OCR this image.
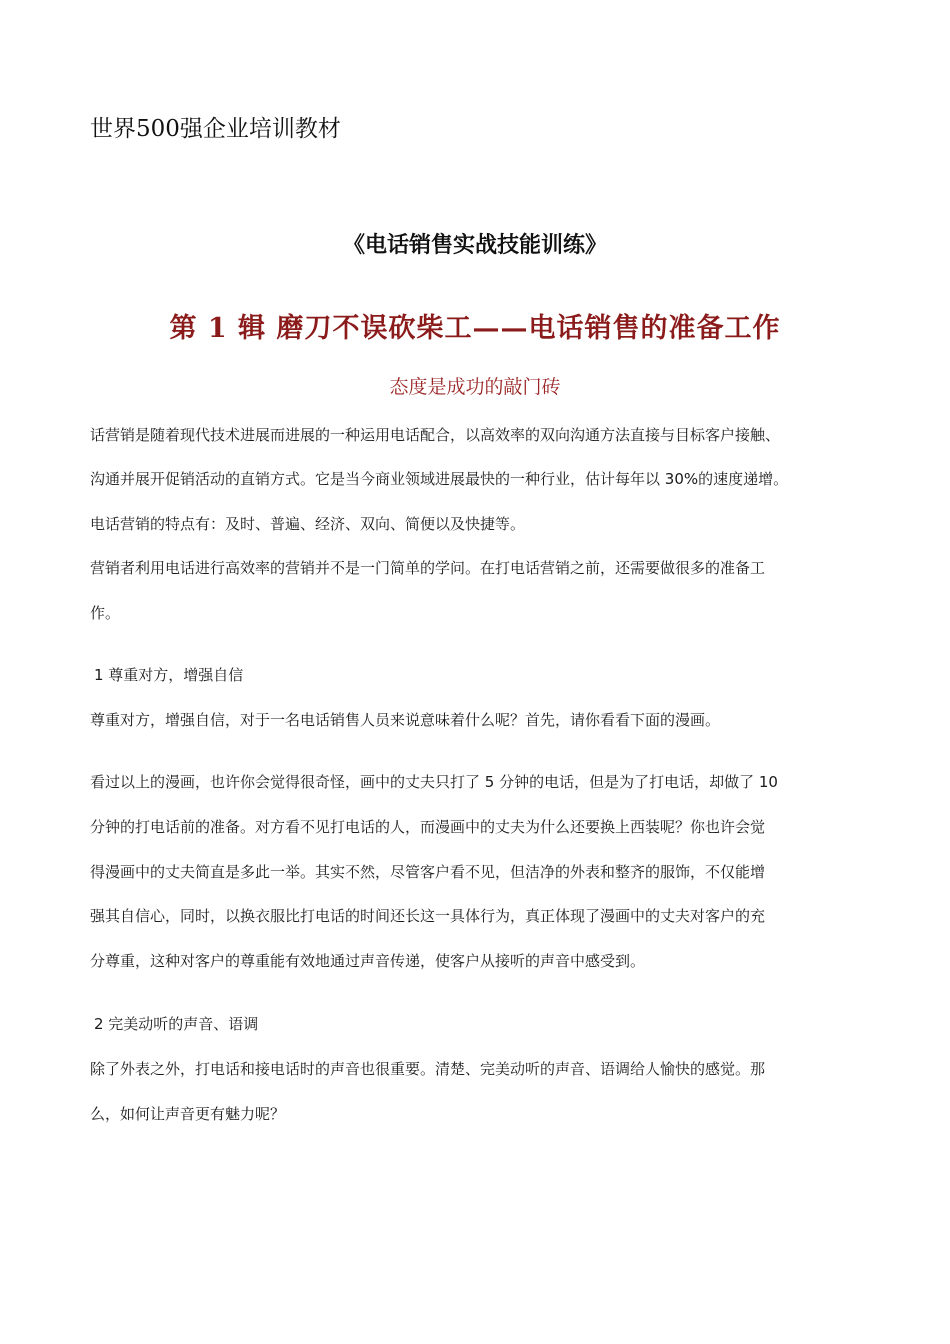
世界500强企业培训教材
《电话销售实战技能训练》
第 1 辑 磨刀不误砍柴工——电话销售的准备工作
态度是成功的敲门砖
话营销是随着现代技术进展而进展的一种运用电话配合，以高效率的双向沟通方法直接与目标客户接触、
沟通并展开促销活动的直销方式。它是当今商业领域进展最快的一种行业，估计每年以 30%的速度递增。
电话营销的特点有：及时、普遍、经济、双向、简便以及快捷等。
营销者利用电话进行高效率的营销并不是一门简单的学问。在打电话营销之前，还需要做很多的准备工
作。
1 尊重对方，增强自信
尊重对方，增强自信，对于一名电话销售人员来说意味着什么呢？首先，请你看看下面的漫画。
看过以上的漫画，也许你会觉得很奇怪，画中的丈夫只打了 5 分钟的电话，但是为了打电话，却做了 10
分钟的打电话前的准备。对方看不见打电话的人，而漫画中的丈夫为什么还要换上西装呢？你也许会觉
得漫画中的丈夫简直是多此一举。其实不然，尽管客户看不见，但洁净的外表和整齐的服饰，不仅能增
强其自信心，同时，以换衣服比打电话的时间还长这一具体行为，真正体现了漫画中的丈夫对客户的充
分尊重，这种对客户的尊重能有效地通过声音传递，使客户从接听的声音中感受到。
2 完美动听的声音、语调
除了外表之外，打电话和接电话时的声音也很重要。清楚、完美动听的声音、语调给人愉快的感觉。那
么，如何让声音更有魅力呢？
